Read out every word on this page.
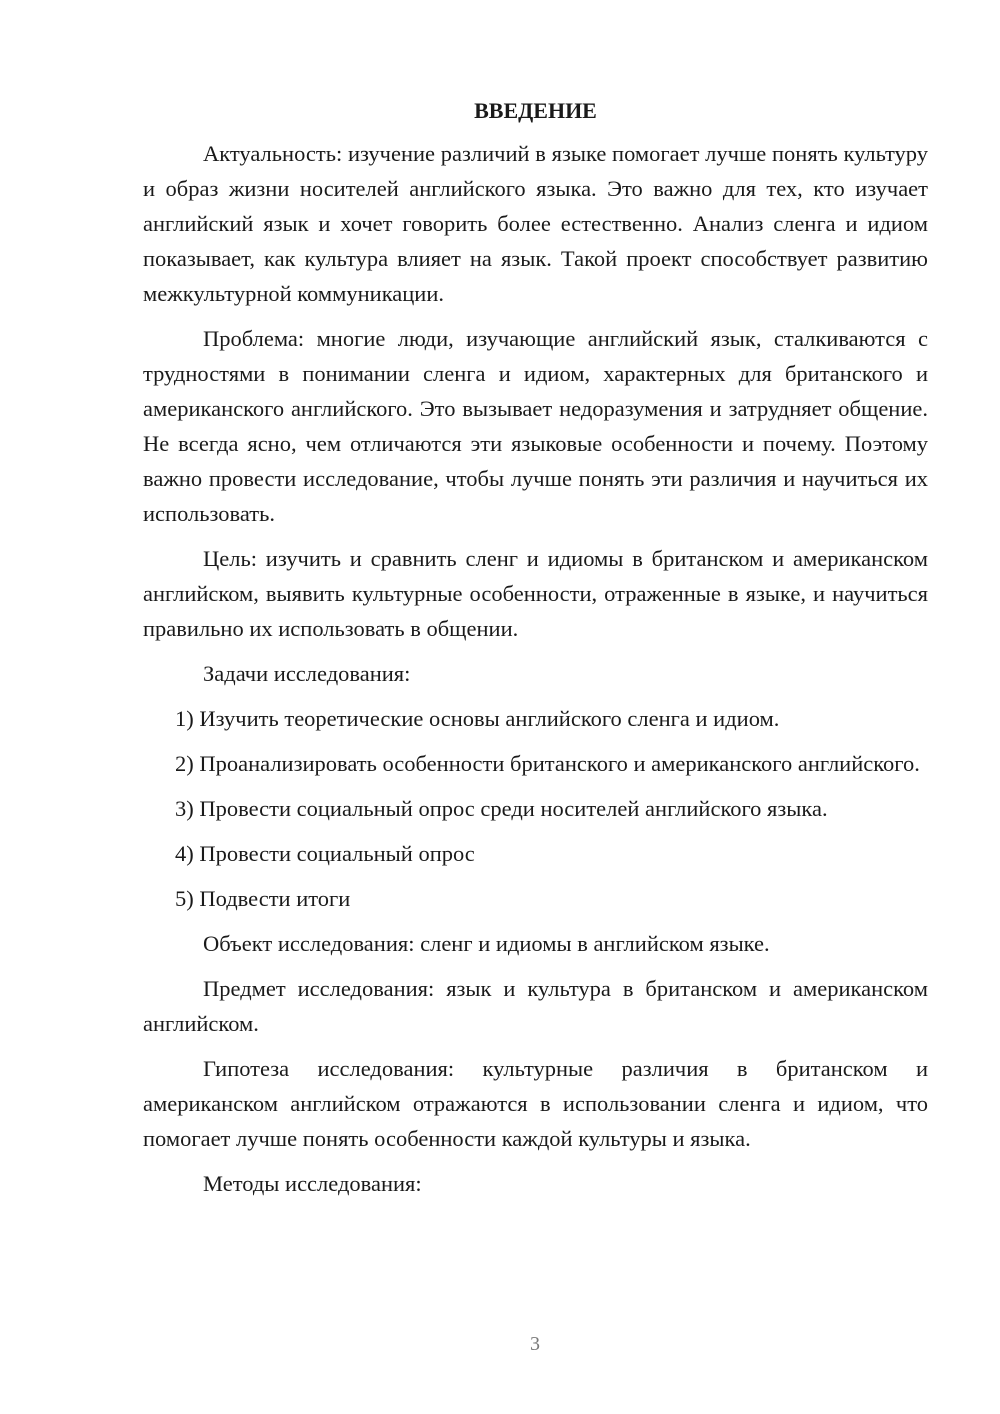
ВВЕДЕНИЕ

Актуальность: изучение различий в языке помогает лучше понять культуру и образ жизни носителей английского языка. Это важно для тех, кто изучает английский язык и хочет говорить более естественно. Анализ сленга и идиом показывает, как культура влияет на язык. Такой проект способствует развитию межкультурной коммуникации.

Проблема: многие люди, изучающие английский язык, сталкиваются с трудностями в понимании сленга и идиом, характерных для британского и американского английского. Это вызывает недоразумения и затрудняет общение. Не всегда ясно, чем отличаются эти языковые особенности и почему. Поэтому важно провести исследование, чтобы лучше понять эти различия и научиться их использовать.

Цель: изучить и сравнить сленг и идиомы в британском и американском английском, выявить культурные особенности, отраженные в языке, и научиться правильно их использовать в общении.

Задачи исследования:

1) Изучить теоретические основы английского сленга и идиом.

2) Проанализировать особенности британского и американского английского.

3) Провести социальный опрос среди носителей английского языка.

4) Провести социальный опрос

5) Подвести итоги

Объект исследования: сленг и идиомы в английском языке.

Предмет исследования: язык и культура в британском и американском английском.

Гипотеза исследования: культурные различия в британском и американском английском отражаются в использовании сленга и идиом, что помогает лучше понять особенности каждой культуры и языка.

Методы исследования:

3
